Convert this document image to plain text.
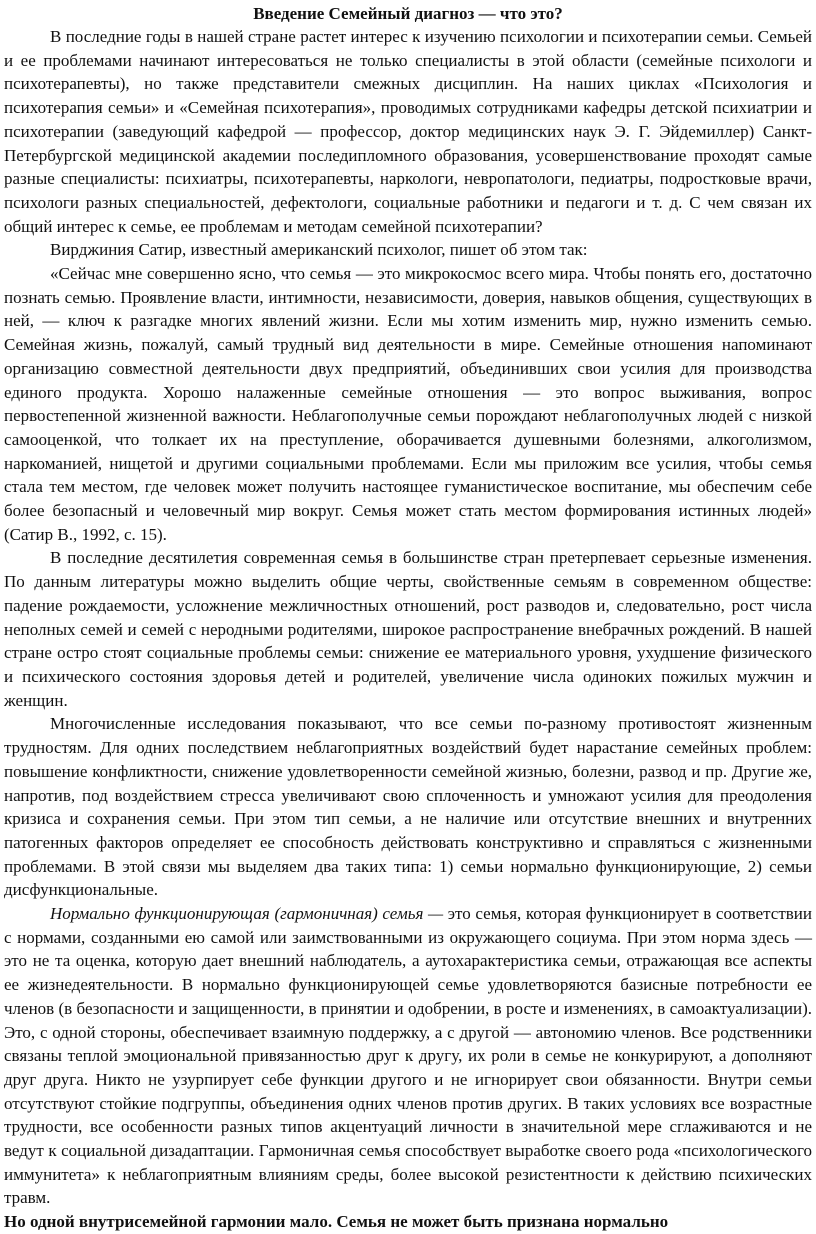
Введение Семейный диагноз — что это?

В последние годы в нашей стране растет интерес к изучению психологии и психотерапии семьи. Семьей и ее проблемами начинают интересоваться не только специалисты в этой области (семейные психологи и психотерапевты), но также представители смежных дисциплин. На наших циклах «Психология и психотерапия семьи» и «Семейная психотерапия», проводимых сотрудниками кафедры детской психиатрии и психотерапии (заведующий кафедрой — профессор, доктор медицинских наук Э. Г. Эйдемиллер) Санкт-Петербургской медицинской академии последипломного образования, усовершенствование проходят самые разные специалисты: психиатры, психотерапевты, наркологи, невропатологи, педиатры, подростковые врачи, психологи разных специальностей, дефектологи, социальные работники и педагоги и т. д. С чем связан их общий интерес к семье, ее проблемам и методам семейной психотерапии?

Вирджиния Сатир, известный американский психолог, пишет об этом так:

«Сейчас мне совершенно ясно, что семья — это микрокосмос всего мира. Чтобы понять его, достаточно познать семью. Проявление власти, интимности, независимости, доверия, навыков общения, существующих в ней, — ключ к разгадке многих явлений жизни. Если мы хотим изменить мир, нужно изменить семью. Семейная жизнь, пожалуй, самый трудный вид деятельности в мире. Семейные отношения напоминают организацию совместной деятельности двух предприятий, объединивших свои усилия для производства единого продукта. Хорошо налаженные семейные отношения — это вопрос выживания, вопрос первостепенной жизненной важности. Неблагополучные семьи порождают неблагополучных людей с низкой самооценкой, что толкает их на преступление, оборачивается душевными болезнями, алкоголизмом, наркоманией, нищетой и другими социальными проблемами. Если мы приложим все усилия, чтобы семья стала тем местом, где человек может получить настоящее гуманистическое воспитание, мы обеспечим себе более безопасный и человечный мир вокруг. Семья может стать местом формирования истинных людей» (Сатир В., 1992, с. 15).

В последние десятилетия современная семья в большинстве стран претерпевает серьезные изменения. По данным литературы можно выделить общие черты, свойственные семьям в современном обществе: падение рождаемости, усложнение межличностных отношений, рост разводов и, следовательно, рост числа неполных семей и семей с неродными родителями, широкое распространение внебрачных рождений. В нашей стране остро стоят социальные проблемы семьи: снижение ее материального уровня, ухудшение физического и психического состояния здоровья детей и родителей, увеличение числа одиноких пожилых мужчин и женщин.

Многочисленные исследования показывают, что все семьи по-разному противостоят жизненным трудностям. Для одних последствием неблагоприятных воздействий будет нарастание семейных проблем: повышение конфликтности, снижение удовлетворенности семейной жизнью, болезни, развод и пр. Другие же, напротив, под воздействием стресса увеличивают свою сплоченность и умножают усилия для преодоления кризиса и сохранения семьи. При этом тип семьи, а не наличие или отсутствие внешних и внутренних патогенных факторов определяет ее способность действовать конструктивно и справляться с жизненными проблемами. В этой связи мы выделяем два таких типа: 1) семьи нормально функционирующие, 2) семьи дисфункциональные.

Нормально функционирующая (гармоничная) семья — это семья, которая функционирует в соответствии с нормами, созданными ею самой или заимствованными из окружающего социума. При этом норма здесь — это не та оценка, которую дает внешний наблюдатель, а аутохарактеристика семьи, отражающая все аспекты ее жизнедеятельности. В нормально функционирующей семье удовлетворяются базисные потребности ее членов (в безопасности и защищенности, в принятии и одобрении, в росте и изменениях, в самоактуализации). Это, с одной стороны, обеспечивает взаимную поддержку, а с другой — автономию членов. Все родственники связаны теплой эмоциональной привязанностью друг к другу, их роли в семье не конкурируют, а дополняют друг друга. Никто не узурпирует себе функции другого и не игнорирует свои обязанности. Внутри семьи отсутствуют стойкие подгруппы, объединения одних членов против других. В таких условиях все возрастные трудности, все особенности разных типов акцентуаций личности в значительной мере сглаживаются и не ведут к социальной дизадаптации. Гармоничная семья способствует выработке своего рода «психологического иммунитета» к неблагоприятным влияниям среды, более высокой резистентности к действию психических травм.

Но одной внутрисемейной гармонии мало. Семья не может быть признана нормально
